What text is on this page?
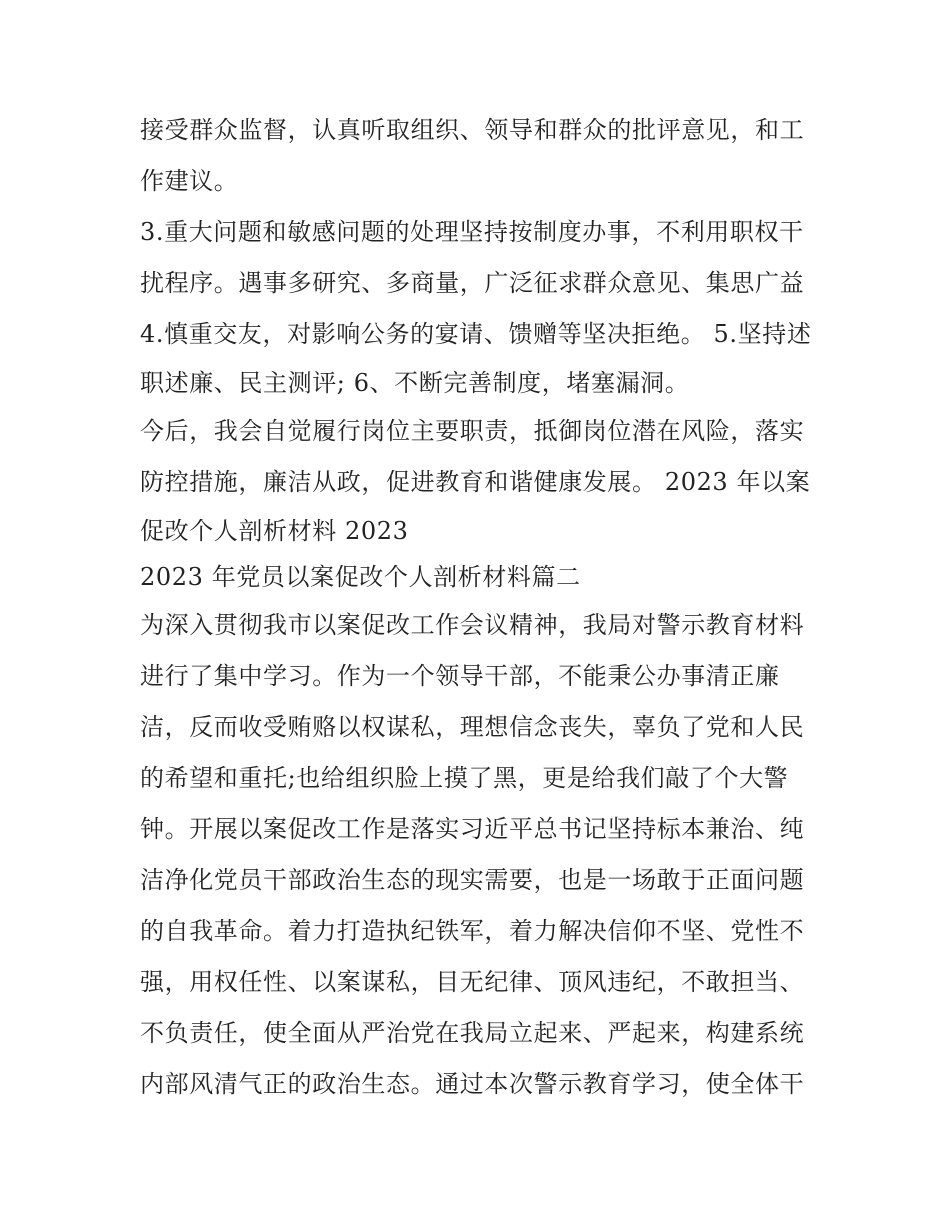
接受群众监督，认真听取组织、领导和群众的批评意见，和工
作建议。
3.重大问题和敏感问题的处理坚持按制度办事，不利用职权干
扰程序。遇事多研究、多商量，广泛征求群众意见、集思广益
4.慎重交友，对影响公务的宴请、馈赠等坚决拒绝。 5.坚持述
职述廉、民主测评; 6、不断完善制度，堵塞漏洞。
今后，我会自觉履行岗位主要职责，抵御岗位潜在风险，落实
防控措施，廉洁从政，促进教育和谐健康发展。 2023 年以案
促改个人剖析材料 2023
2023 年党员以案促改个人剖析材料篇二
为深入贯彻我市以案促改工作会议精神，我局对警示教育材料
进行了集中学习。作为一个领导干部，不能秉公办事清正廉
洁，反而收受贿赂以权谋私，理想信念丧失，辜负了党和人民
的希望和重托;也给组织脸上摸了黑，更是给我们敲了个大警
钟。开展以案促改工作是落实习近平总书记坚持标本兼治、纯
洁净化党员干部政治生态的现实需要，也是一场敢于正面问题
的自我革命。着力打造执纪铁军，着力解决信仰不坚、党性不
强，用权任性、以案谋私，目无纪律、顶风违纪，不敢担当、
不负责任，使全面从严治党在我局立起来、严起来，构建系统
内部风清气正的政治生态。通过本次警示教育学习，使全体干
